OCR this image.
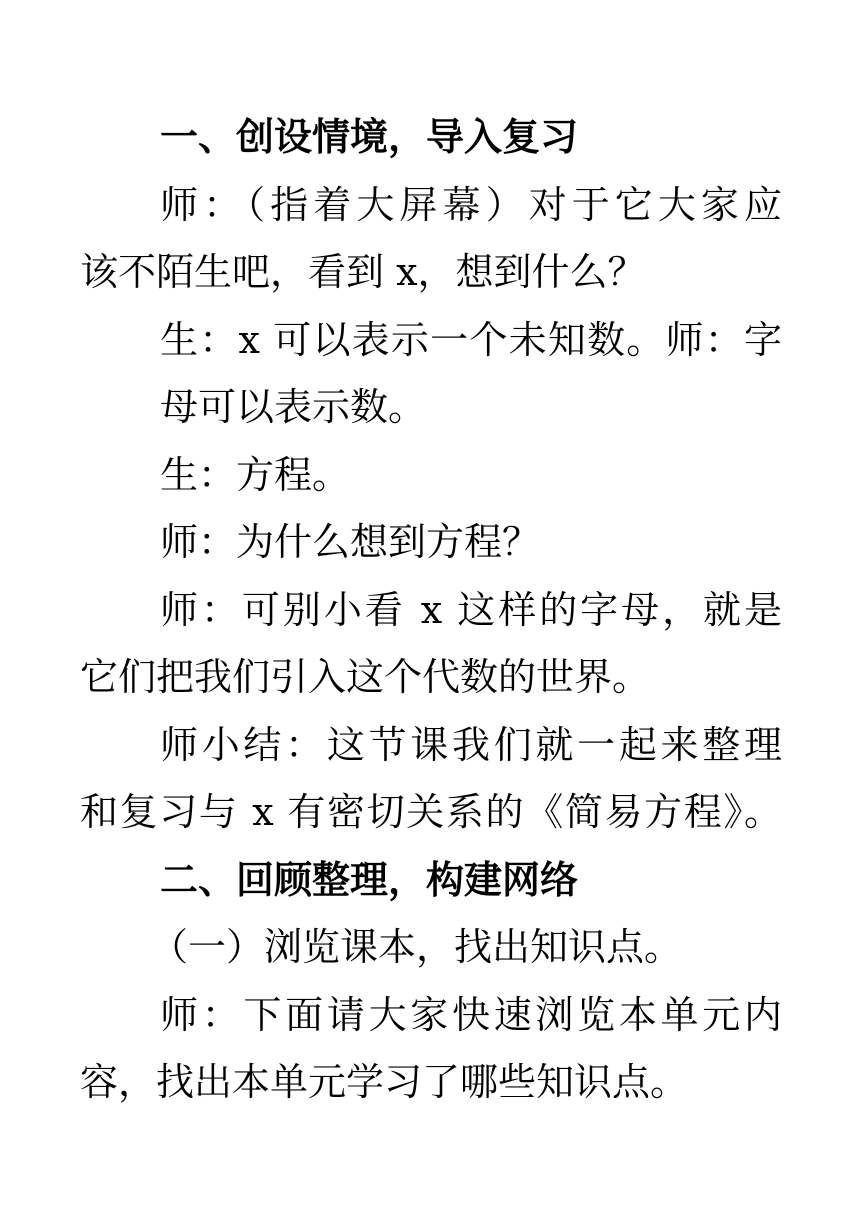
一、创设情境，导入复习
师：（指着大屏幕）对于它大家应
该不陌生吧，看到 x，想到什么？
生：x 可以表示一个未知数。师：字
母可以表示数。
生：方程。
师：为什么想到方程？
师：可别小看 x 这样的字母，就是
它们把我们引入这个代数的世界。
师小结：这节课我们就一起来整理
和复习与 x 有密切关系的《简易方程》。
二、回顾整理，构建网络
（一）浏览课本，找出知识点。
师：下面请大家快速浏览本单元内
容，找出本单元学习了哪些知识点。
